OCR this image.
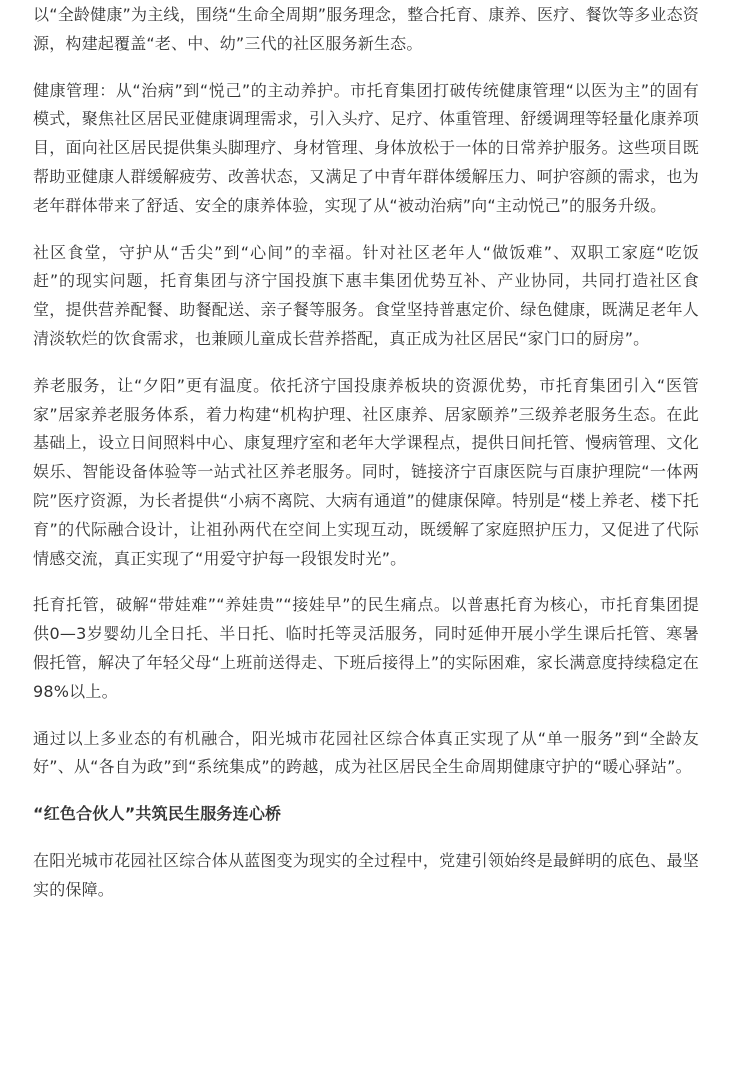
以“全龄健康”为主线，围绕“生命全周期”服务理念，整合托育、康养、医疗、餐饮等多业态资源，构建起覆盖“老、中、幼”三代的社区服务新生态。

健康管理：从“治病”到“悦己”的主动养护。市托育集团打破传统健康管理“以医为主”的固有模式，聚焦社区居民亚健康调理需求，引入头疗、足疗、体重管理、舒缓调理等轻量化康养项目，面向社区居民提供集头脚理疗、身材管理、身体放松于一体的日常养护服务。这些项目既帮助亚健康人群缓解疲劳、改善状态，又满足了中青年群体缓解压力、呵护容颜的需求，也为老年群体带来了舒适、安全的康养体验，实现了从“被动治病”向“主动悦己”的服务升级。

社区食堂，守护从“舌尖”到“心间”的幸福。针对社区老年人“做饭难”、双职工家庭“吃饭赶”的现实问题，托育集团与济宁国投旗下惠丰集团优势互补、产业协同，共同打造社区食堂，提供营养配餐、助餐配送、亲子餐等服务。食堂坚持普惠定价、绿色健康，既满足老年人清淡软烂的饮食需求，也兼顾儿童成长营养搭配，真正成为社区居民“家门口的厨房”。

养老服务，让“夕阳”更有温度。依托济宁国投康养板块的资源优势，市托育集团引入“医管家”居家养老服务体系，着力构建“机构护理、社区康养、居家颐养”三级养老服务生态。在此基础上，设立日间照料中心、康复理疗室和老年大学课程点，提供日间托管、慢病管理、文化娱乐、智能设备体验等一站式社区养老服务。同时，链接济宁百康医院与百康护理院“一体两院”医疗资源，为长者提供“小病不离院、大病有通道”的健康保障。特别是“楼上养老、楼下托育”的代际融合设计，让祖孙两代在空间上实现互动，既缓解了家庭照护压力，又促进了代际情感交流，真正实现了“用爱守护每一段银发时光”。

托育托管，破解“带娃难”“养娃贵”“接娃早”的民生痛点。以普惠托育为核心，市托育集团提供0—3岁婴幼儿全日托、半日托、临时托等灵活服务，同时延伸开展小学生课后托管、寒暑假托管，解决了年轻父母“上班前送得走、下班后接得上”的实际困难，家长满意度持续稳定在98%以上。

通过以上多业态的有机融合，阳光城市花园社区综合体真正实现了从“单一服务”到“全龄友好”、从“各自为政”到“系统集成”的跨越，成为社区居民全生命周期健康守护的“暖心驿站”。

“红色合伙人”共筑民生服务连心桥

在阳光城市花园社区综合体从蓝图变为现实的全过程中，党建引领始终是最鲜明的底色、最坚实的保障。
